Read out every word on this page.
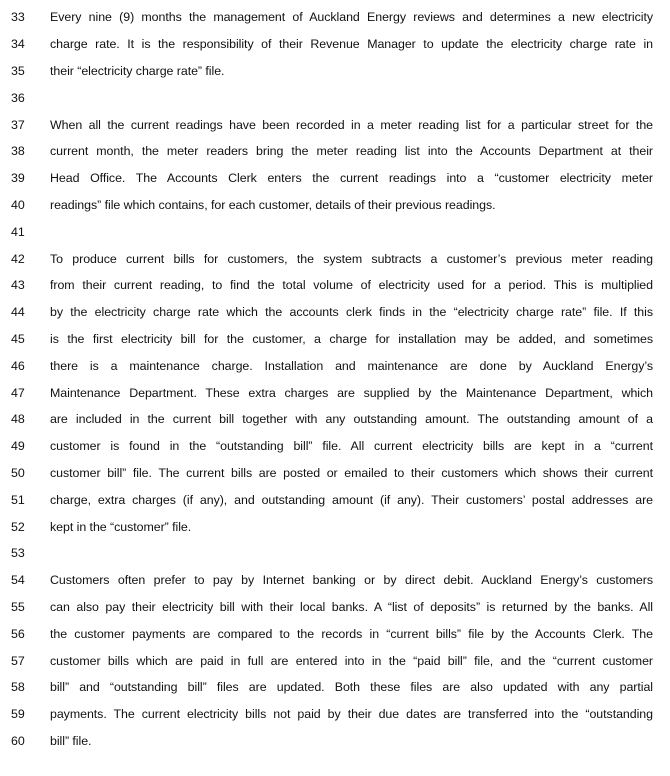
33	Every nine (9) months the management of Auckland Energy reviews and determines a new electricity
34	charge rate. It is the responsibility of their Revenue Manager to update the electricity charge rate in
35	their “electricity charge rate” file.
36
37	When all the current readings have been recorded in a meter reading list for a particular street for the
38	current month, the meter readers bring the meter reading list into the Accounts Department at their
39	Head Office. The Accounts Clerk enters the current readings into a “customer electricity meter
40	readings” file which contains, for each customer, details of their previous readings.
41
42	To produce current bills for customers, the system subtracts a customer’s previous meter reading
43	from their current reading, to find the total volume of electricity used for a period. This is multiplied
44	by the electricity charge rate which the accounts clerk finds in the “electricity charge rate” file. If this
45	is the first electricity bill for the customer, a charge for installation may be added, and sometimes
46	there is a maintenance charge. Installation and maintenance are done by Auckland Energy’s
47	Maintenance Department. These extra charges are supplied by the Maintenance Department, which
48	are included in the current bill together with any outstanding amount. The outstanding amount of a
49	customer is found in the “outstanding bill” file. All current electricity bills are kept in a “current
50	customer bill” file. The current bills are posted or emailed to their customers which shows their current
51	charge, extra charges (if any), and outstanding amount (if any). Their customers’ postal addresses are
52	kept in the “customer” file.
53
54	Customers often prefer to pay by Internet banking or by direct debit. Auckland Energy’s customers
55	can also pay their electricity bill with their local banks. A “list of deposits” is returned by the banks. All
56	the customer payments are compared to the records in “current bills” file by the Accounts Clerk. The
57	customer bills which are paid in full are entered into in the “paid bill” file, and the “current customer
58	bill” and “outstanding bill” files are updated. Both these files are also updated with any partial
59	payments. The current electricity bills not paid by their due dates are transferred into the “outstanding
60	bill” file.
